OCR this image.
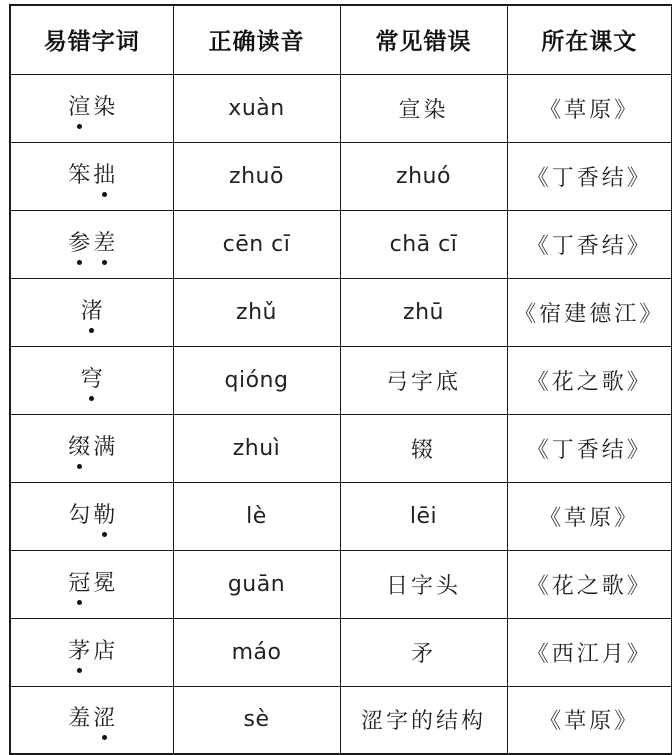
易错字词	正确读音	常见错误	所在课文
渲 染	xuàn	宣染	《草原》
笨 拙	zhuō	zhuó	《丁香结》
参 差	cēn cī	chā cī	《丁香结》
渚	zhǔ	zhū	《宿建德江》
穹	qióng	弓字底	《花之歌》
缀 满	zhuì	辍	《丁香结》
勾 勒	lè	lēi	《草原》
冠 冕	guān	日字头	《花之歌》
茅 店	máo	矛	《西江月》
羞 涩	sè	涩字的结构	《草原》
